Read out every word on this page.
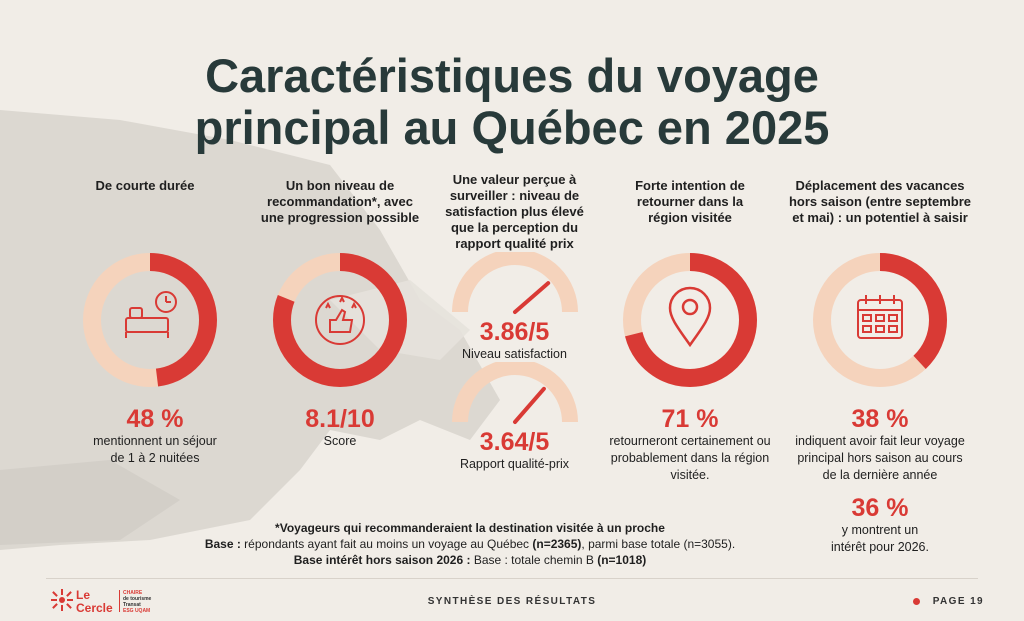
Caractéristiques du voyage
principal au Québec en 2025
De courte durée
48 %
mentionnent un séjour
de 1 à 2 nuitées
Un bon niveau de
recommandation*, avec
une progression possible
8.1/10
Score
Une valeur perçue à
surveiller : niveau de
satisfaction plus élevé
que la perception du
rapport qualité prix
3.86/5
Niveau satisfaction
3.64/5
Rapport qualité-prix
Forte intention de
retourner dans la
région visitée
71 %
retourneront certainement ou
probablement dans la région
visitée.
Déplacement des vacances
hors saison (entre septembre
et mai) : un potentiel à saisir
38 %
indiquent avoir fait leur voyage
principal hors saison au cours
de la dernière année
36 %
y montrent un
intérêt pour 2026.
*Voyageurs qui recommanderaient la destination visitée à un proche
Base : répondants ayant fait au moins un voyage au Québec (n=2365), parmi base totale (n=3055).
Base intérêt hors saison 2026 : Base : totale chemin B (n=1018)
Le
Cercle
CHAIRE
de tourisme
Transat
ESG UQAM
SYNTHÈSE DES RÉSULTATS	PAGE 19
